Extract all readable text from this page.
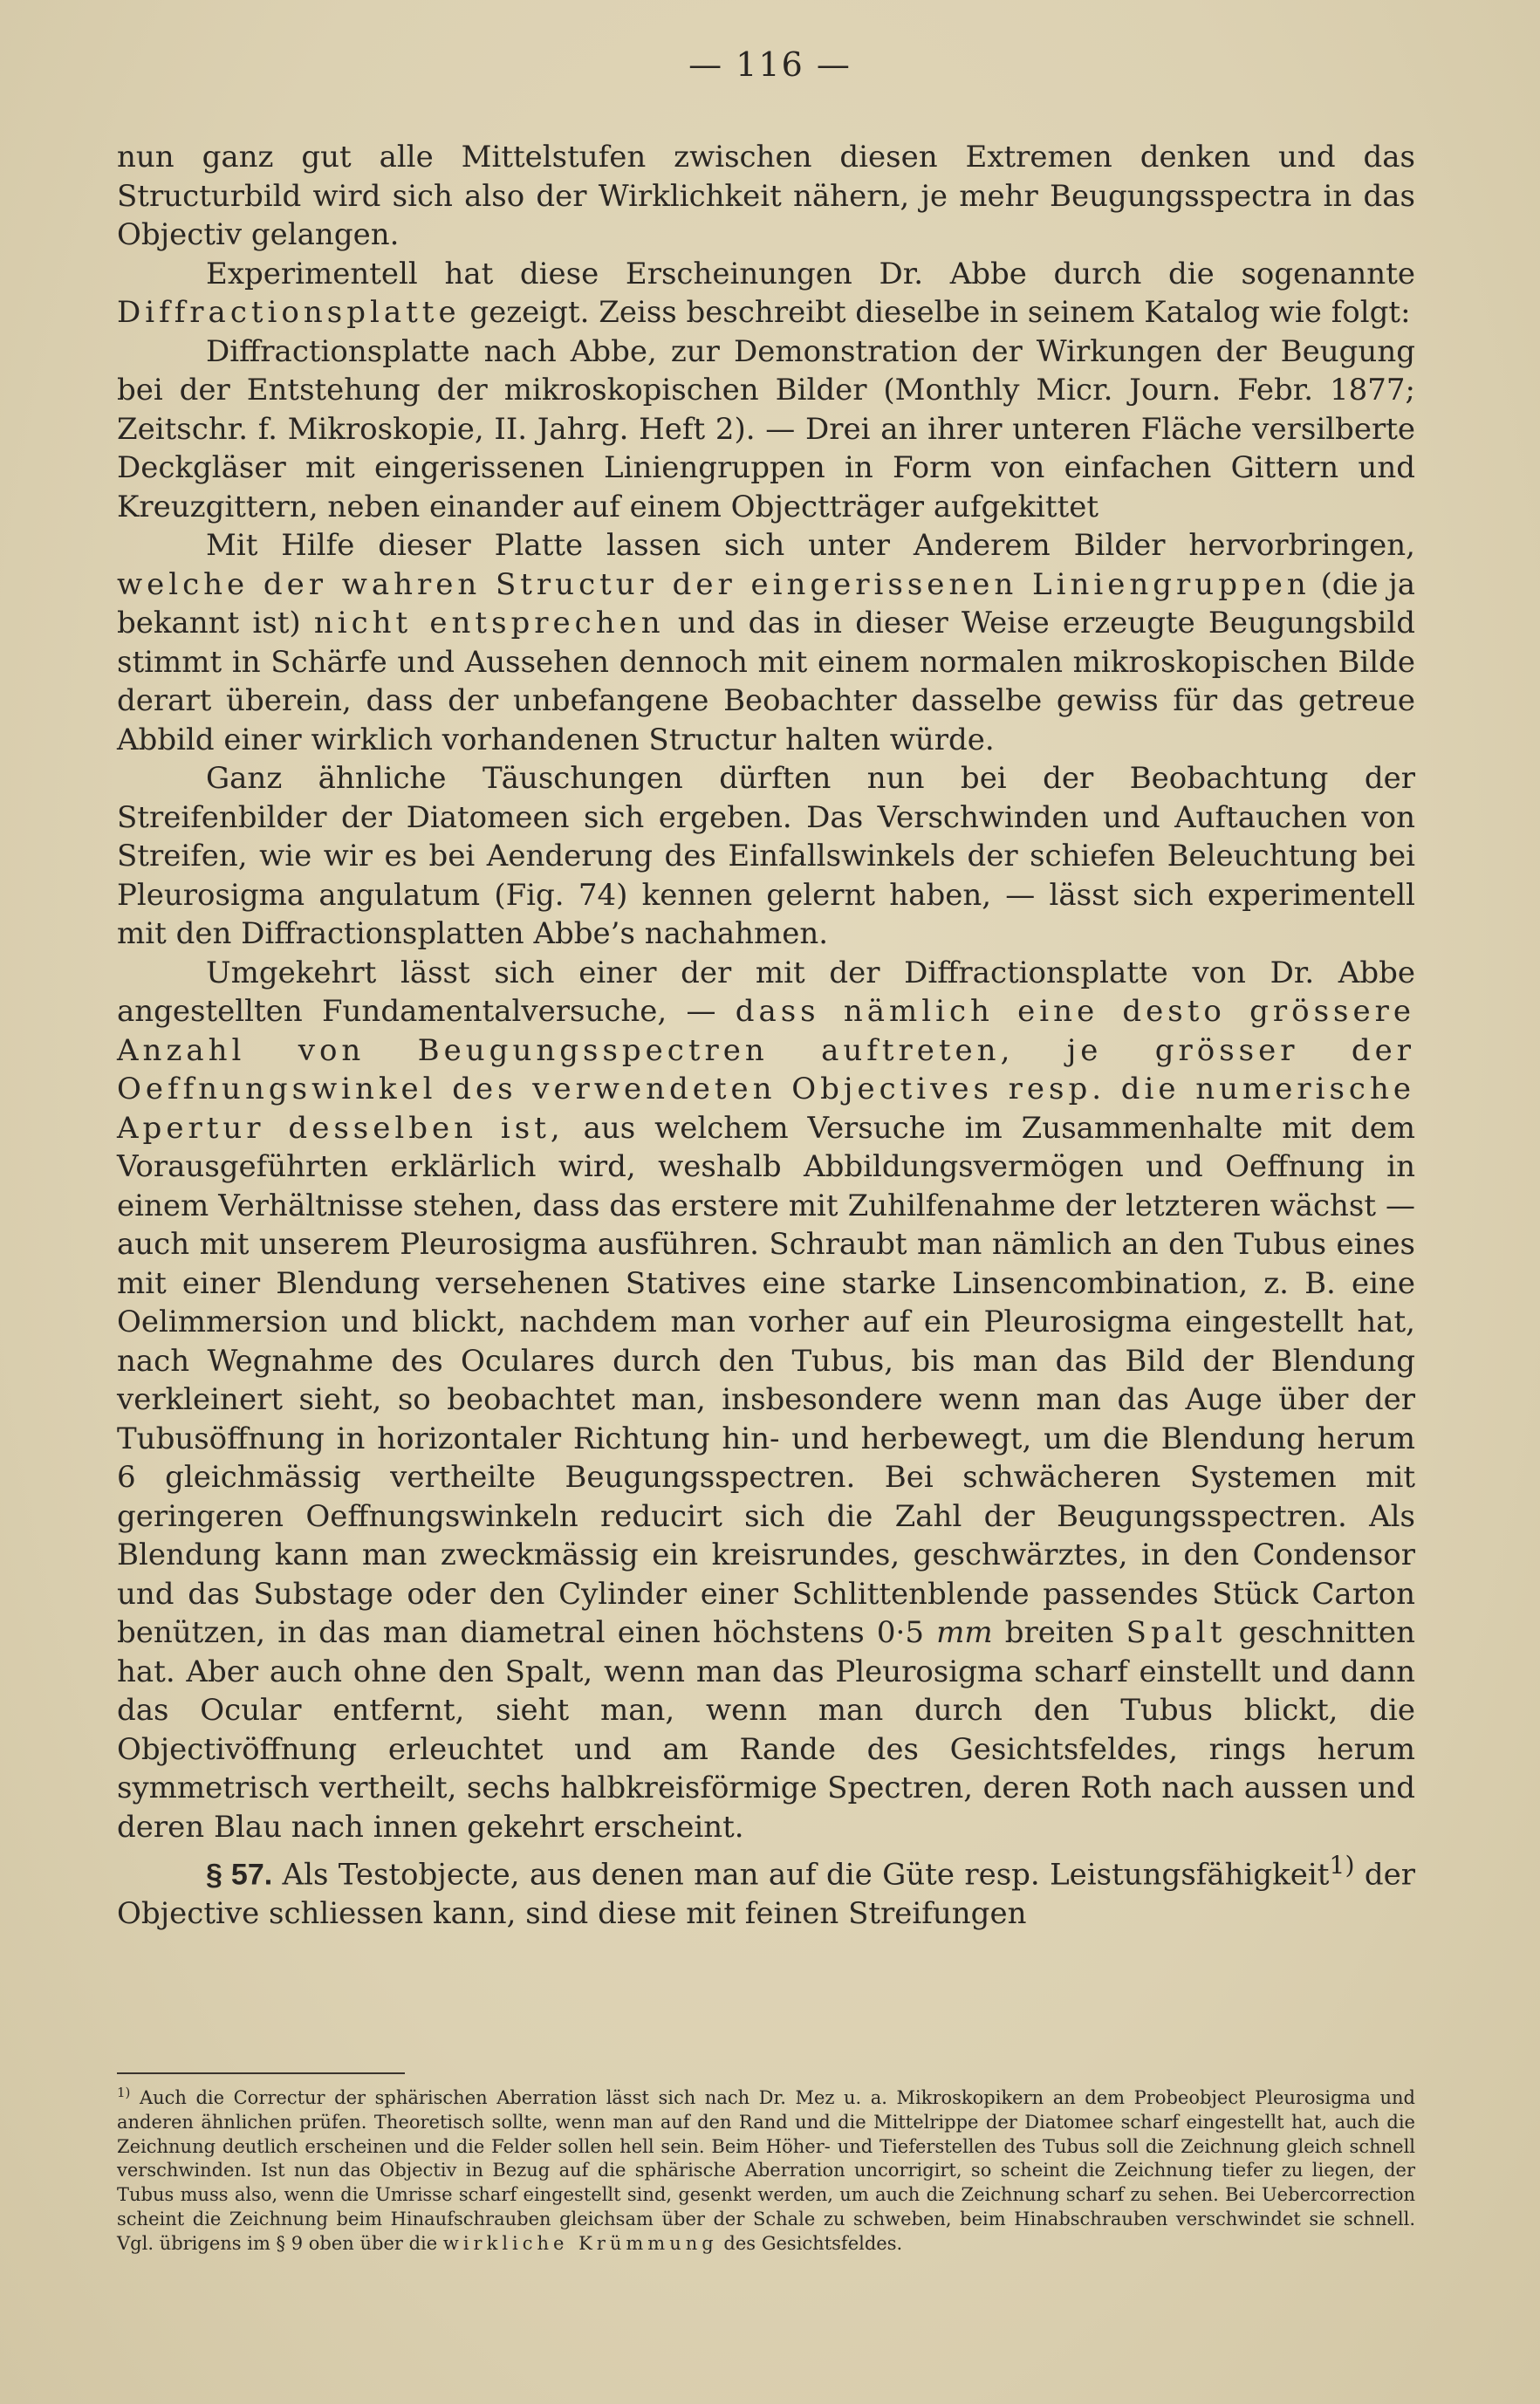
— 116 —

nun ganz gut alle Mittelstufen zwischen diesen Extremen denken und das Structurbild wird sich also der Wirklichkeit nähern, je mehr Beugungsspectra in das Objectiv gelangen.

Experimentell hat diese Erscheinungen Dr. Abbe durch die sogenannte Diffractionsplatte gezeigt. Zeiss beschreibt dieselbe in seinem Katalog wie folgt:

Diffractionsplatte nach Abbe, zur Demonstration der Wirkungen der Beugung bei der Entstehung der mikroskopischen Bilder (Monthly Micr. Journ. Febr. 1877; Zeitschr. f. Mikroskopie, II. Jahrg. Heft 2). — Drei an ihrer unteren Fläche versilberte Deckgläser mit eingerissenen Liniengruppen in Form von einfachen Gittern und Kreuzgittern, neben einander auf einem Objectträger aufgekittet

Mit Hilfe dieser Platte lassen sich unter Anderem Bilder hervorbringen, welche der wahren Structur der eingerissenen Liniengruppen (die ja bekannt ist) nicht entsprechen und das in dieser Weise erzeugte Beugungsbild stimmt in Schärfe und Aussehen dennoch mit einem normalen mikroskopischen Bilde derart überein, dass der unbefangene Beobachter dasselbe gewiss für das getreue Abbild einer wirklich vorhandenen Structur halten würde.

Ganz ähnliche Täuschungen dürften nun bei der Beobachtung der Streifenbilder der Diatomeen sich ergeben. Das Verschwinden und Auftauchen von Streifen, wie wir es bei Aenderung des Einfallswinkels der schiefen Beleuchtung bei Pleurosigma angulatum (Fig. 74) kennen gelernt haben, — lässt sich experimentell mit den Diffractionsplatten Abbe’s nachahmen.

Umgekehrt lässt sich einer der mit der Diffractionsplatte von Dr. Abbe angestellten Fundamentalversuche, — dass nämlich eine desto grössere Anzahl von Beugungsspectren auftreten, je grösser der Oeffnungswinkel des verwendeten Objectives resp. die numerische Apertur desselben ist, aus welchem Versuche im Zusammenhalte mit dem Vorausgeführten erklärlich wird, weshalb Abbildungsvermögen und Oeffnung in einem Verhältnisse stehen, dass das erstere mit Zuhilfenahme der letzteren wächst — auch mit unserem Pleurosigma ausführen. Schraubt man nämlich an den Tubus eines mit einer Blendung versehenen Statives eine starke Linsencombination, z. B. eine Oelimmersion und blickt, nachdem man vorher auf ein Pleurosigma eingestellt hat, nach Wegnahme des Oculares durch den Tubus, bis man das Bild der Blendung verkleinert sieht, so beobachtet man, insbesondere wenn man das Auge über der Tubusöffnung in horizontaler Richtung hin- und herbewegt, um die Blendung herum 6 gleichmässig vertheilte Beugungsspectren. Bei schwächeren Systemen mit geringeren Oeffnungswinkeln reducirt sich die Zahl der Beugungsspectren. Als Blendung kann man zweckmässig ein kreisrundes, geschwärztes, in den Condensor und das Substage oder den Cylinder einer Schlittenblende passendes Stück Carton benützen, in das man diametral einen höchstens 0·5 mm breiten Spalt geschnitten hat. Aber auch ohne den Spalt, wenn man das Pleurosigma scharf einstellt und dann das Ocular entfernt, sieht man, wenn man durch den Tubus blickt, die Objectivöffnung erleuchtet und am Rande des Gesichtsfeldes, rings herum symmetrisch vertheilt, sechs halbkreisförmige Spectren, deren Roth nach aussen und deren Blau nach innen gekehrt erscheint.

§ 57. Als Testobjecte, aus denen man auf die Güte resp. Leistungsfähigkeit$^{1)}$ der Objective schliessen kann, sind diese mit feinen Streifungen

$^{1)}$ Auch die Correctur der sphärischen Aberration lässt sich nach Dr. Mez u. a. Mikroskopikern an dem Probeobject Pleurosigma und anderen ähnlichen prüfen. Theoretisch sollte, wenn man auf den Rand und die Mittelrippe der Diatomee scharf eingestellt hat, auch die Zeichnung deutlich erscheinen und die Felder sollen hell sein. Beim Höher- und Tieferstellen des Tubus soll die Zeichnung gleich schnell verschwinden. Ist nun das Objectiv in Bezug auf die sphärische Aberration uncorrigirt, so scheint die Zeichnung tiefer zu liegen, der Tubus muss also, wenn die Umrisse scharf eingestellt sind, gesenkt werden, um auch die Zeichnung scharf zu sehen. Bei Uebercorrection scheint die Zeichnung beim Hinaufschrauben gleichsam über der Schale zu schweben, beim Hinabschrauben verschwindet sie schnell. Vgl. übrigens im § 9 oben über die wirkliche Krümmung des Gesichtsfeldes.
